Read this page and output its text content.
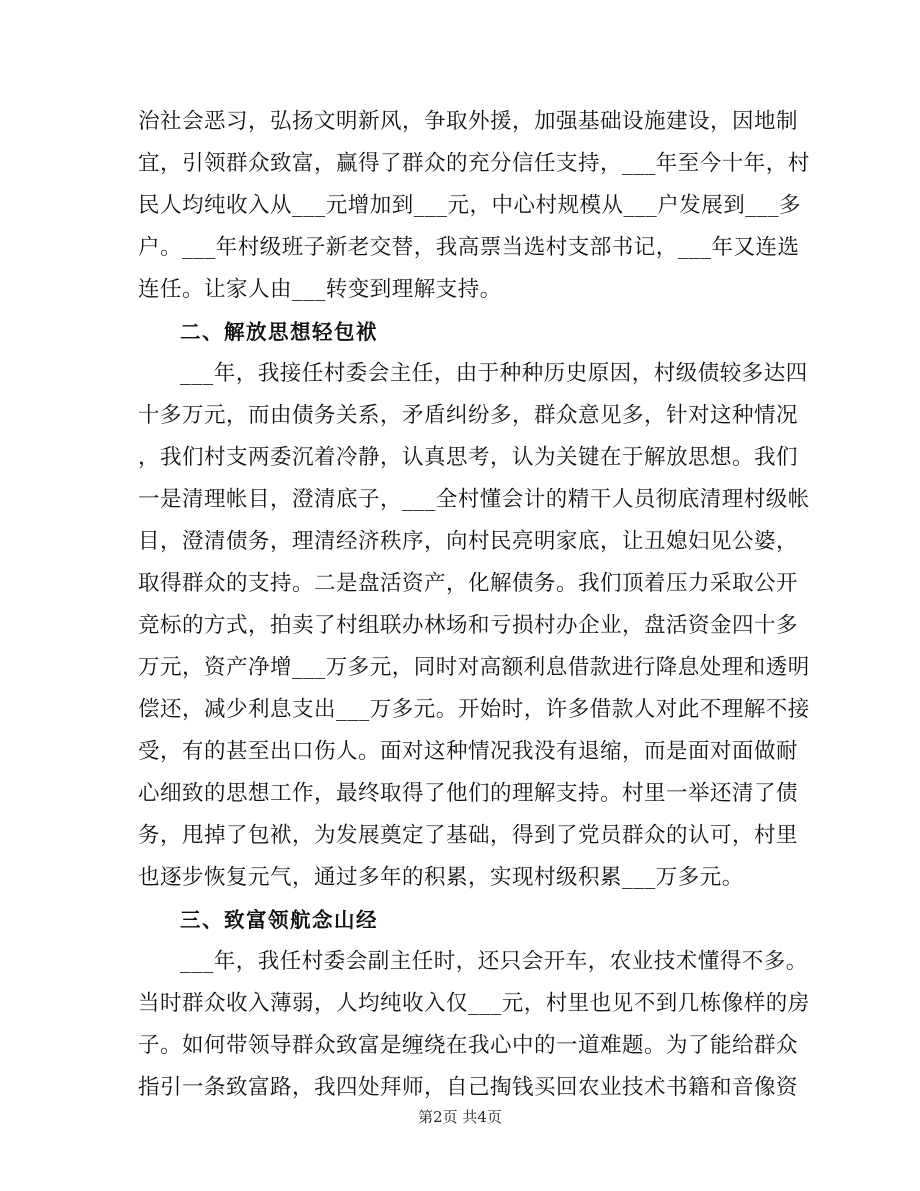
治社会恶习，弘扬文明新风，争取外援，加强基础设施建设，因地制
宜，引领群众致富，赢得了群众的充分信任支持，___年至今十年，村
民人均纯收入从___元增加到___元，中心村规模从___户发展到___多
户。___年村级班子新老交替，我高票当选村支部书记，___年又连选
连任。让家人由___转变到理解支持。
二、解放思想轻包袱
___年，我接任村委会主任，由于种种历史原因，村级债较多达四
十多万元，而由债务关系，矛盾纠纷多，群众意见多，针对这种情况
，我们村支两委沉着冷静，认真思考，认为关键在于解放思想。我们
一是清理帐目，澄清底子，___全村懂会计的精干人员彻底清理村级帐
目，澄清债务，理清经济秩序，向村民亮明家底，让丑媳妇见公婆，
取得群众的支持。二是盘活资产，化解债务。我们顶着压力采取公开
竞标的方式，拍卖了村组联办林场和亏损村办企业，盘活资金四十多
万元，资产净增___万多元，同时对高额利息借款进行降息处理和透明
偿还，减少利息支出___万多元。开始时，许多借款人对此不理解不接
受，有的甚至出口伤人。面对这种情况我没有退缩，而是面对面做耐
心细致的思想工作，最终取得了他们的理解支持。村里一举还清了债
务，甩掉了包袱，为发展奠定了基础，得到了党员群众的认可，村里
也逐步恢复元气，通过多年的积累，实现村级积累___万多元。
三、致富领航念山经
___年，我任村委会副主任时，还只会开车，农业技术懂得不多。
当时群众收入薄弱，人均纯收入仅___元，村里也见不到几栋像样的房
子。如何带领导群众致富是缠绕在我心中的一道难题。为了能给群众
指引一条致富路，我四处拜师，自己掏钱买回农业技术书籍和音像资
第2页 共4页
